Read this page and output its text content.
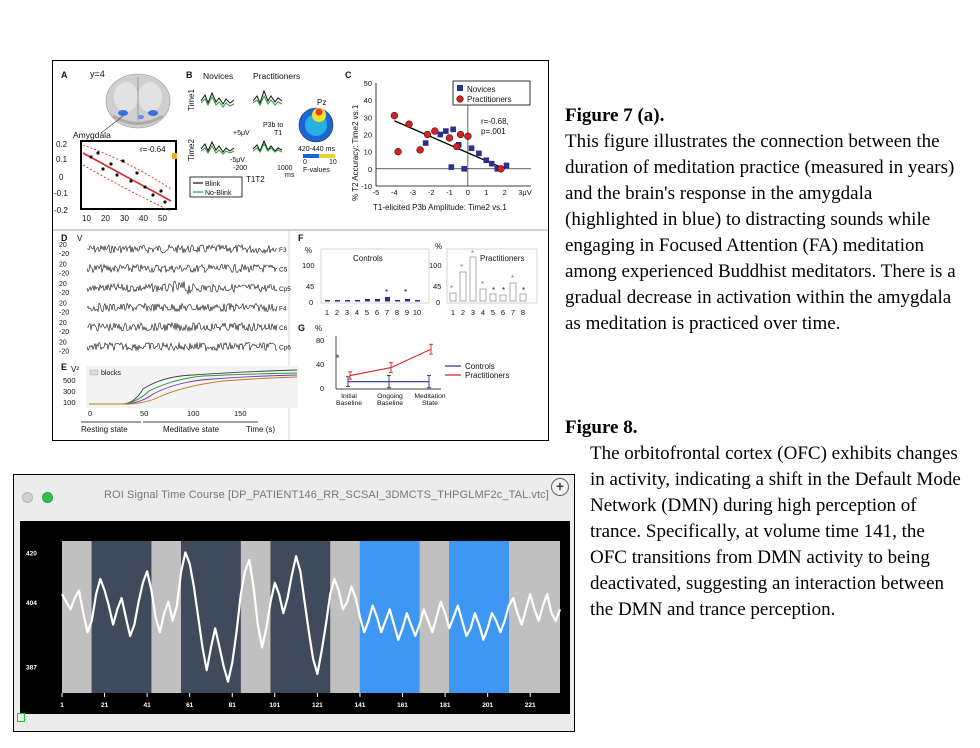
A	y=4
Amygdala
r=-0.64
0.2
0.1
0
-0.1
-0.2
10 20 30 40 50
B Novices Practitioners
Time1
Time2
P3b to
T1
+5μV
-5μV
-200	1000
ms
T1T2
Pz
420-440 ms
0	10
F-values
Blink
No-Blink
C
50
40
30
20
10
0
-10
-5 -4 -3 -2 -1 0 1 2 3μV
% T2 Accuracy: Time2 vs.1
T1-elicited P3b Amplitude: Time2 vs.1
Novices
Practitioners
r=-0.68,
p=.001
D V
20
-20
F3
20
-20
C5
20
-20
Cp5
20
-20
F4
20
-20
C6
20
-20
Cp6
E V²	blocks
500
300
100
0	50	100	150
Resting state	Meditative state	Time (s)
F
%	%
Controls	Practitioners
100
45
0
100
45
0
* *	*
*
*
*
* *
*
*
1 2 3 4 5 6 7 8 9 10	1 2 3 4 5 6 7 8
G %
80
40
0
*
Initial
Baseline
Ongoing
Baseline
Meditation
State
Controls
Practitioners
Figure 7 (a).
This figure illustrates the connection between the duration of meditation practice (measured in years) and the brain's response in the amygdala (highlighted in blue) to distracting sounds while engaging in Focused Attention (FA) meditation among experienced Buddhist meditators. There is a gradual decrease in activation within the amygdala as meditation is practiced over time.
Figure 8.
The orbitofrontal cortex (OFC) exhibits changes in activity, indicating a shift in the Default Mode Network (DMN) during high perception of trance. Specifically, at volume time 141, the OFC transitions from DMN activity to being deactivated, suggesting an interaction between the DMN and trance perception.
ROI Signal Time Course [DP_PATIENT146_RR_SCSAI_3DMCTS_THPGLMF2c_TAL.vtc]
+
420
404
387
1	21	41	61	81	101	121	141	161	181	201	221
